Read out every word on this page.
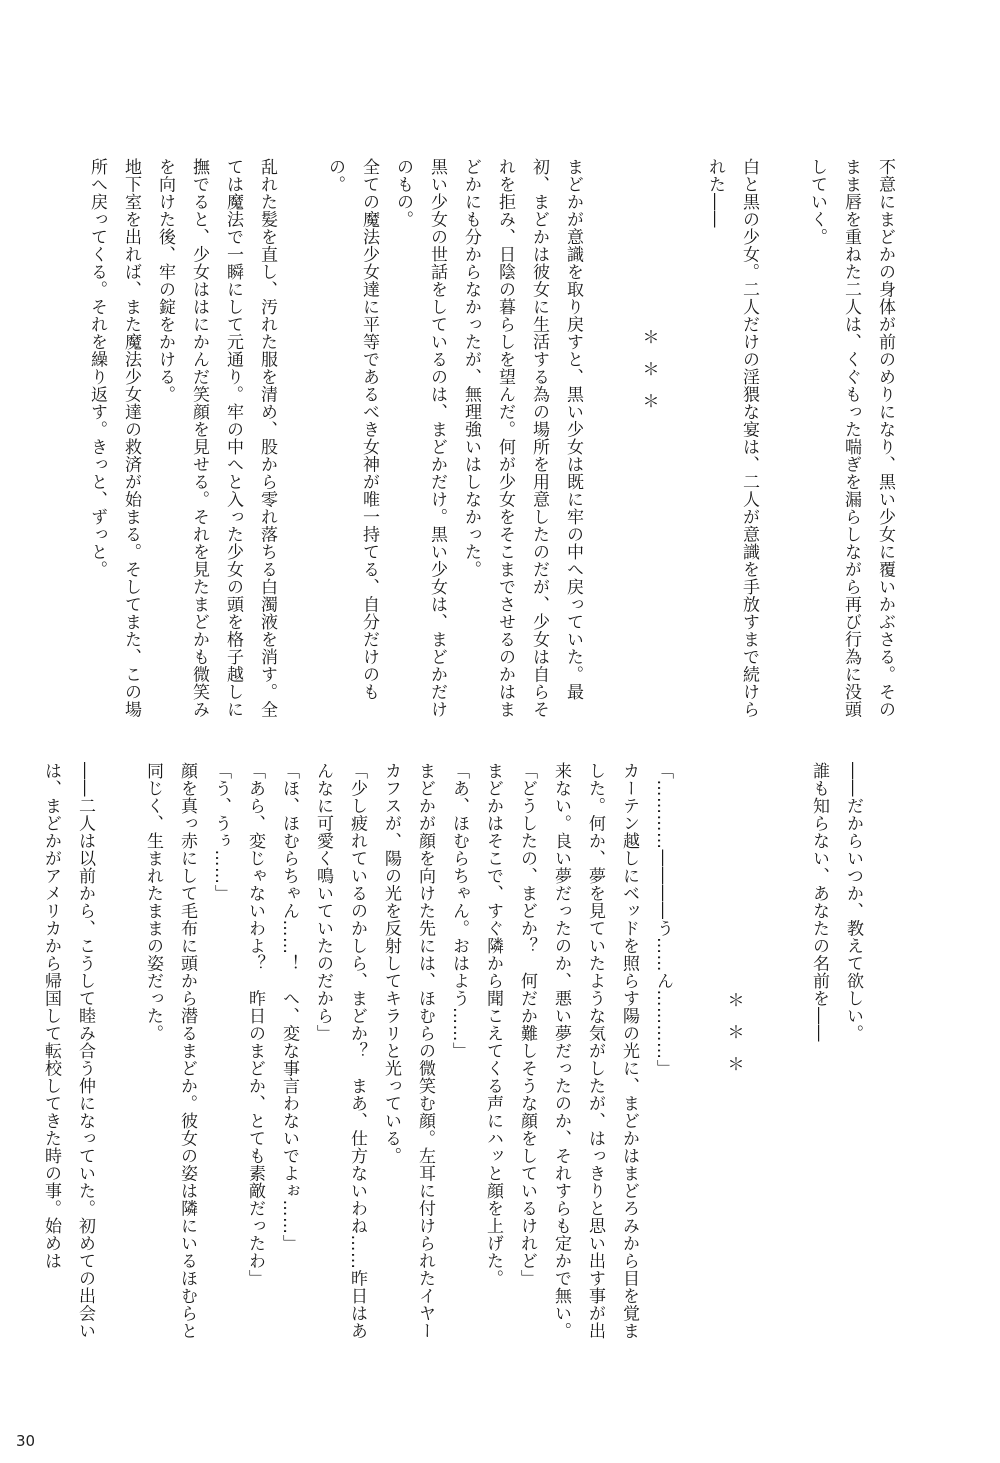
不意にまどかの身体が前のめりになり、黒い少女に覆いかぶさる。そのまま唇を重ねた二人は、くぐもった喘ぎを漏らしながら再び行為に没頭していく。

白と黒の少女。二人だけの淫猥な宴は、二人が意識を手放すまで続けられた――

＊
＊
＊

まどかが意識を取り戻すと、黒い少女は既に牢の中へ戻っていた。最初、まどかは彼女に生活する為の場所を用意したのだが、少女は自らそれを拒み、日陰の暮らしを望んだ。何が少女をそこまでさせるのかはまどかにも分からなかったが、無理強いはしなかった。

黒い少女の世話をしているのは、まどかだけ。黒い少女は、まどかだけのもの。

全ての魔法少女達に平等であるべき女神が唯一持てる、自分だけのもの。

乱れた髪を直し、汚れた服を清め、股から零れ落ちる白濁液を消す。全ては魔法で一瞬にして元通り。牢の中へと入った少女の頭を格子越しに撫でると、少女ははにかんだ笑顔を見せる。それを見たまどかも微笑みを向けた後、牢の錠をかける。

地下室を出れば、また魔法少女達の救済が始まる。そしてまた、この場所へ戻ってくる。それを繰り返す。きっと、ずっと。

――だからいつか、教えて欲しい。

誰も知らない、あなたの名前を――

＊
＊
＊

「…………――――う……ん…………」

カーテン越しにベッドを照らす陽の光に、まどかはまどろみから目を覚ました。何か、夢を見ていたような気がしたが、はっきりと思い出す事が出来ない。良い夢だったのか、悪い夢だったのか、それすらも定かで無い。

「どうしたの、まどか？　何だか難しそうな顔をしているけれど」

まどかはそこで、すぐ隣から聞こえてくる声にハッと顔を上げた。

「あ、ほむらちゃん。おはよう……」

まどかが顔を向けた先には、ほむらの微笑む顔。左耳に付けられたイヤーカフスが、陽の光を反射してキラリと光っている。

「少し疲れているのかしら、まどか？　まあ、仕方ないわね……昨日はあんなに可愛く鳴いていたのだから」

「ほ、ほむらちゃん……！　へ、変な事言わないでよぉ……」

「あら、変じゃないわよ？　昨日のまどか、とても素敵だったわ」

「う、うぅ……」

顔を真っ赤にして毛布に頭から潜るまどか。彼女の姿は隣にいるほむらと同じく、生まれたままの姿だった。

――二人は以前から、こうして睦み合う仲になっていた。初めての出会いは、まどかがアメリカから帰国して転校してきた時の事。始めは

30
